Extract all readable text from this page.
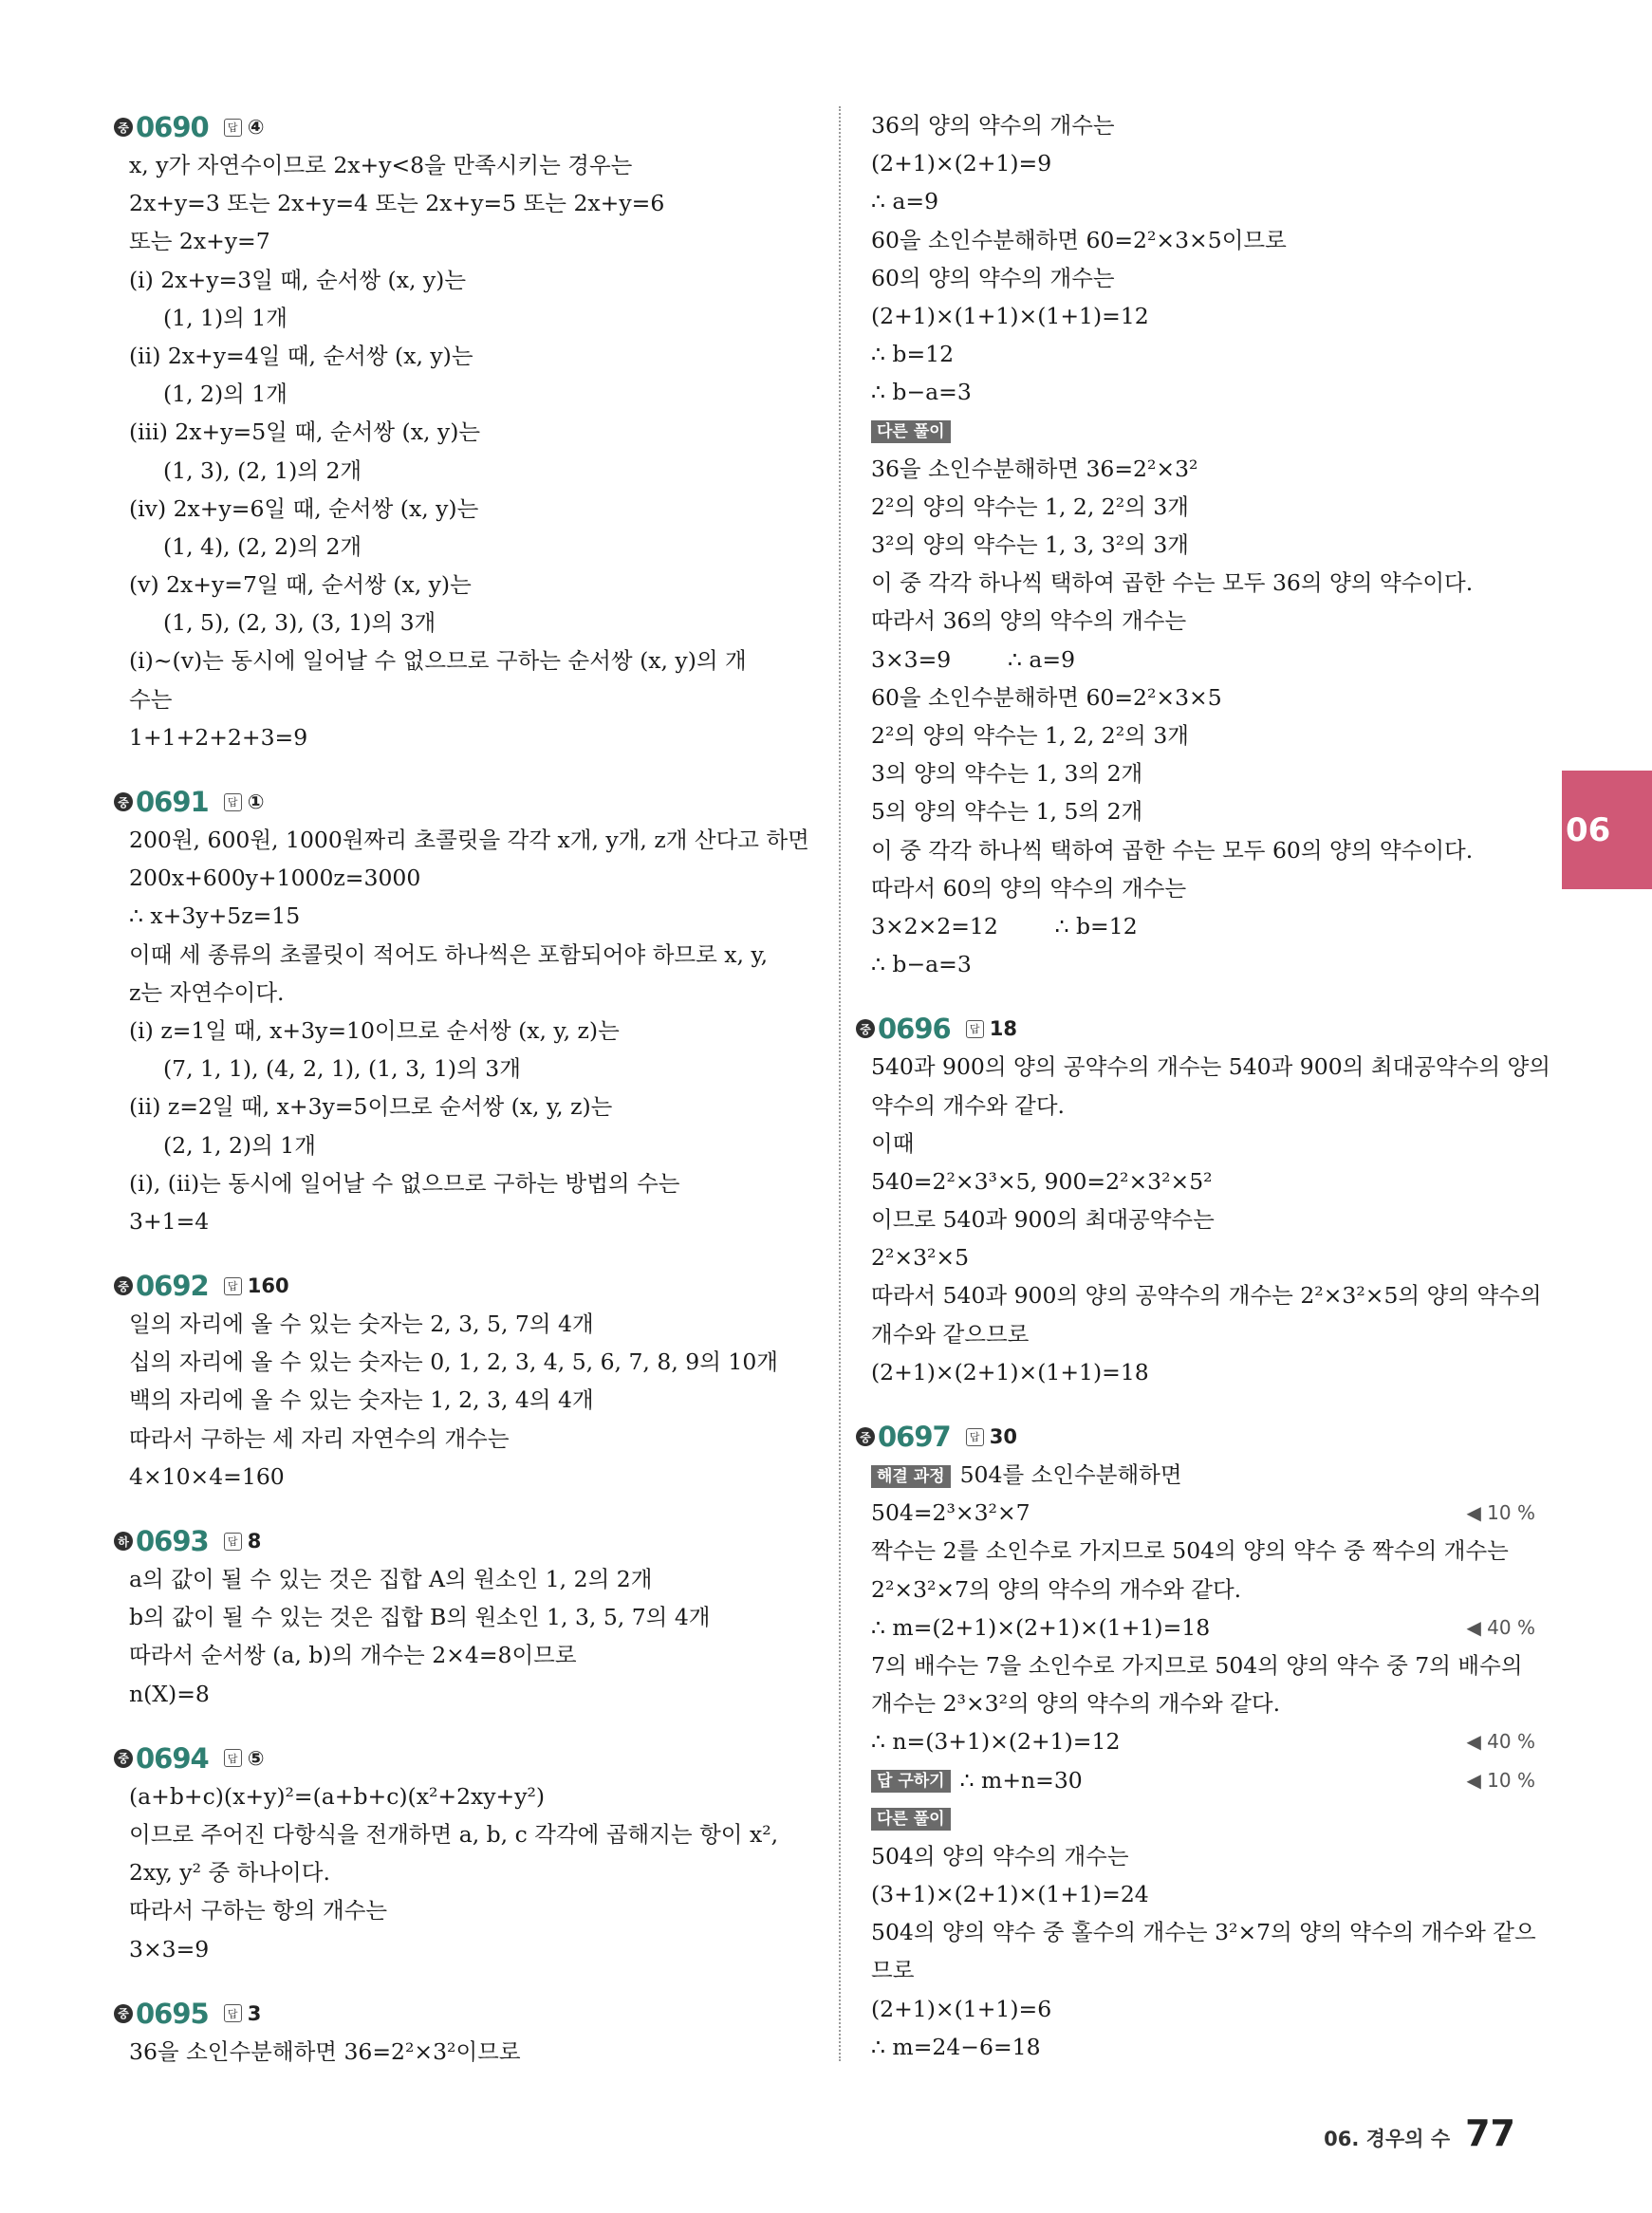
중 0690	답 ④
x, y가 자연수이므로 2x+y<8을 만족시키는 경우는
2x+y=3 또는 2x+y=4 또는 2x+y=5 또는 2x+y=6
또는 2x+y=7
(ⅰ) 2x+y=3일 때, 순서쌍 (x, y)는
(1, 1)의 1개
(ⅱ) 2x+y=4일 때, 순서쌍 (x, y)는
(1, 2)의 1개
(ⅲ) 2x+y=5일 때, 순서쌍 (x, y)는
(1, 3), (2, 1)의 2개
(ⅳ) 2x+y=6일 때, 순서쌍 (x, y)는
(1, 4), (2, 2)의 2개
(ⅴ) 2x+y=7일 때, 순서쌍 (x, y)는
(1, 5), (2, 3), (3, 1)의 3개
(ⅰ)~(ⅴ)는 동시에 일어날 수 없으므로 구하는 순서쌍 (x, y)의 개
수는
1+1+2+2+3=9
중 0691	답 ①
200원, 600원, 1000원짜리 초콜릿을 각각 x개, y개, z개 산다고 하면
200x+600y+1000z=3000
∴ x+3y+5z=15
이때 세 종류의 초콜릿이 적어도 하나씩은 포함되어야 하므로 x, y,
z는 자연수이다.
(ⅰ) z=1일 때, x+3y=10이므로 순서쌍 (x, y, z)는
(7, 1, 1), (4, 2, 1), (1, 3, 1)의 3개
(ⅱ) z=2일 때, x+3y=5이므로 순서쌍 (x, y, z)는
(2, 1, 2)의 1개
(ⅰ), (ⅱ)는 동시에 일어날 수 없으므로 구하는 방법의 수는
3+1=4
중 0692	답 160
일의 자리에 올 수 있는 숫자는 2, 3, 5, 7의 4개
십의 자리에 올 수 있는 숫자는 0, 1, 2, 3, 4, 5, 6, 7, 8, 9의 10개
백의 자리에 올 수 있는 숫자는 1, 2, 3, 4의 4개
따라서 구하는 세 자리 자연수의 개수는
4×10×4=160
하 0693	답 8
a의 값이 될 수 있는 것은 집합 A의 원소인 1, 2의 2개
b의 값이 될 수 있는 것은 집합 B의 원소인 1, 3, 5, 7의 4개
따라서 순서쌍 (a, b)의 개수는 2×4=8이므로
n(X)=8
중 0694	답 ⑤
(a+b+c)(x+y)²=(a+b+c)(x²+2xy+y²)
이므로 주어진 다항식을 전개하면 a, b, c 각각에 곱해지는 항이 x²,
2xy, y² 중 하나이다.
따라서 구하는 항의 개수는
3×3=9
중 0695	답 3
36을 소인수분해하면 36=2²×3²이므로
36의 양의 약수의 개수는
(2+1)×(2+1)=9
∴ a=9
60을 소인수분해하면 60=2²×3×5이므로
60의 양의 약수의 개수는
(2+1)×(1+1)×(1+1)=12
∴ b=12
∴ b−a=3
다른 풀이
36을 소인수분해하면 36=2²×3²
2²의 양의 약수는 1, 2, 2²의 3개
3²의 양의 약수는 1, 3, 3²의 3개
이 중 각각 하나씩 택하여 곱한 수는 모두 36의 양의 약수이다.
따라서 36의 양의 약수의 개수는
3×3=9        ∴ a=9
60을 소인수분해하면 60=2²×3×5
2²의 양의 약수는 1, 2, 2²의 3개
3의 양의 약수는 1, 3의 2개
5의 양의 약수는 1, 5의 2개
이 중 각각 하나씩 택하여 곱한 수는 모두 60의 양의 약수이다.
따라서 60의 양의 약수의 개수는
3×2×2=12        ∴ b=12
∴ b−a=3
중 0696	답 18
540과 900의 양의 공약수의 개수는 540과 900의 최대공약수의 양의
약수의 개수와 같다.
이때
540=2²×3³×5, 900=2²×3²×5²
이므로 540과 900의 최대공약수는
2²×3²×5
따라서 540과 900의 양의 공약수의 개수는 2²×3²×5의 양의 약수의
개수와 같으므로
(2+1)×(2+1)×(1+1)=18
중 0697	답 30
해결 과정 504를 소인수분해하면
504=2³×3²×7	◀ 10 %
짝수는 2를 소인수로 가지므로 504의 양의 약수 중 짝수의 개수는
2²×3²×7의 양의 약수의 개수와 같다.
∴ m=(2+1)×(2+1)×(1+1)=18	◀ 40 %
7의 배수는 7을 소인수로 가지므로 504의 양의 약수 중 7의 배수의
개수는 2³×3²의 양의 약수의 개수와 같다.
∴ n=(3+1)×(2+1)=12	◀ 40 %
답 구하기 ∴ m+n=30	◀ 10 %
다른 풀이
504의 양의 약수의 개수는
(3+1)×(2+1)×(1+1)=24
504의 양의 약수 중 홀수의 개수는 3²×7의 양의 약수의 개수와 같으
므로
(2+1)×(1+1)=6
∴ m=24−6=18
06
06. 경우의 수 77
